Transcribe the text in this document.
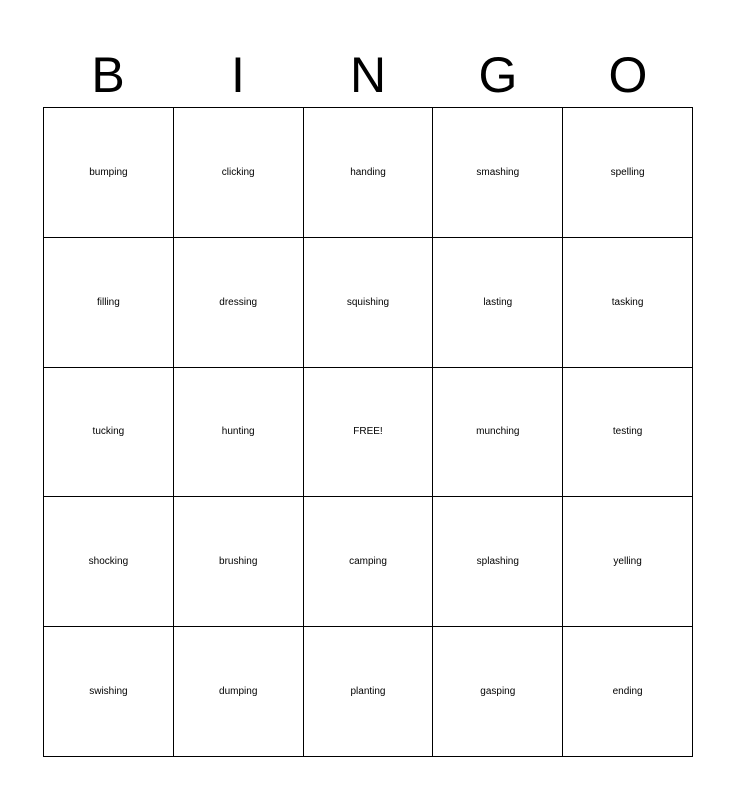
B	I	N	G	O
bumping	clicking	handing	smashing	spelling
filling	dressing	squishing	lasting	tasking
tucking	hunting	FREE!	munching	testing
shocking	brushing	camping	splashing	yelling
swishing	dumping	planting	gasping	ending
